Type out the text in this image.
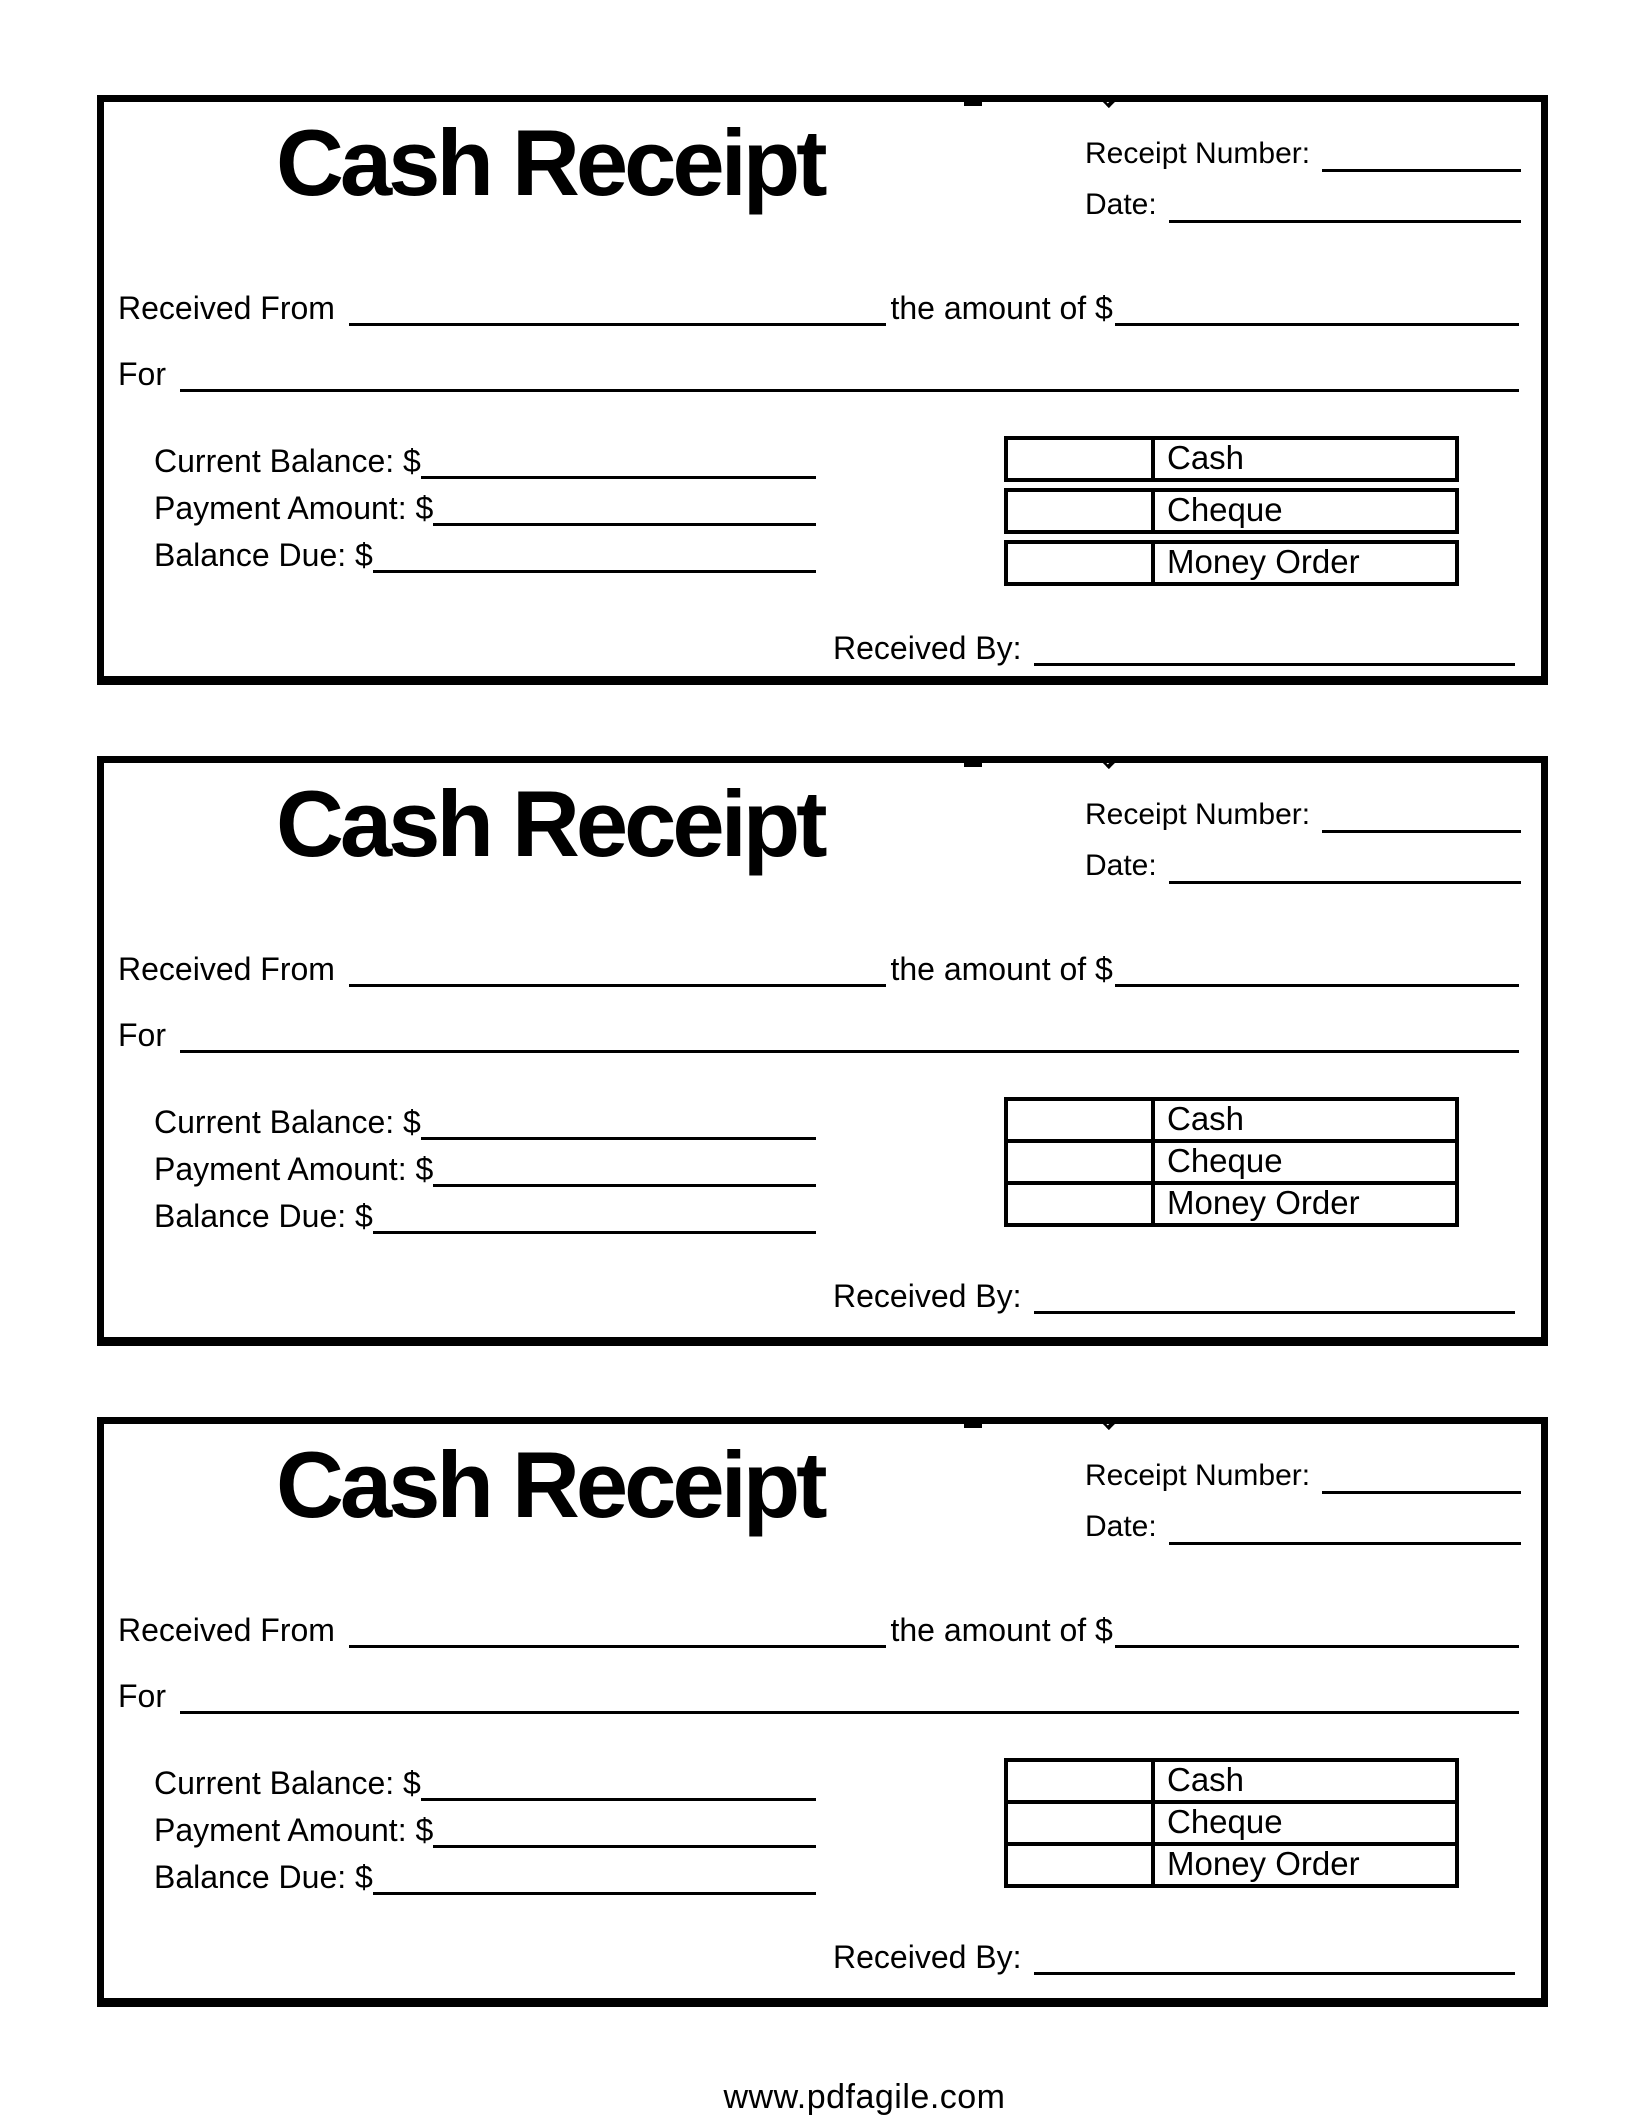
Cash Receipt	Receipt Number:
Date:
Received From	the amount of $
For
Current Balance: $
Payment Amount: $
Balance Due: $
Cash
Cheque
Money Order
Received By:
Cash Receipt	Receipt Number:
Date:
Received From	the amount of $
For
Current Balance: $
Payment Amount: $
Balance Due: $
Cash
Cheque
Money Order
Received By:
Cash Receipt	Receipt Number:
Date:
Received From	the amount of $
For
Current Balance: $
Payment Amount: $
Balance Due: $
Cash
Cheque
Money Order
Received By:
www.pdfagile.com
